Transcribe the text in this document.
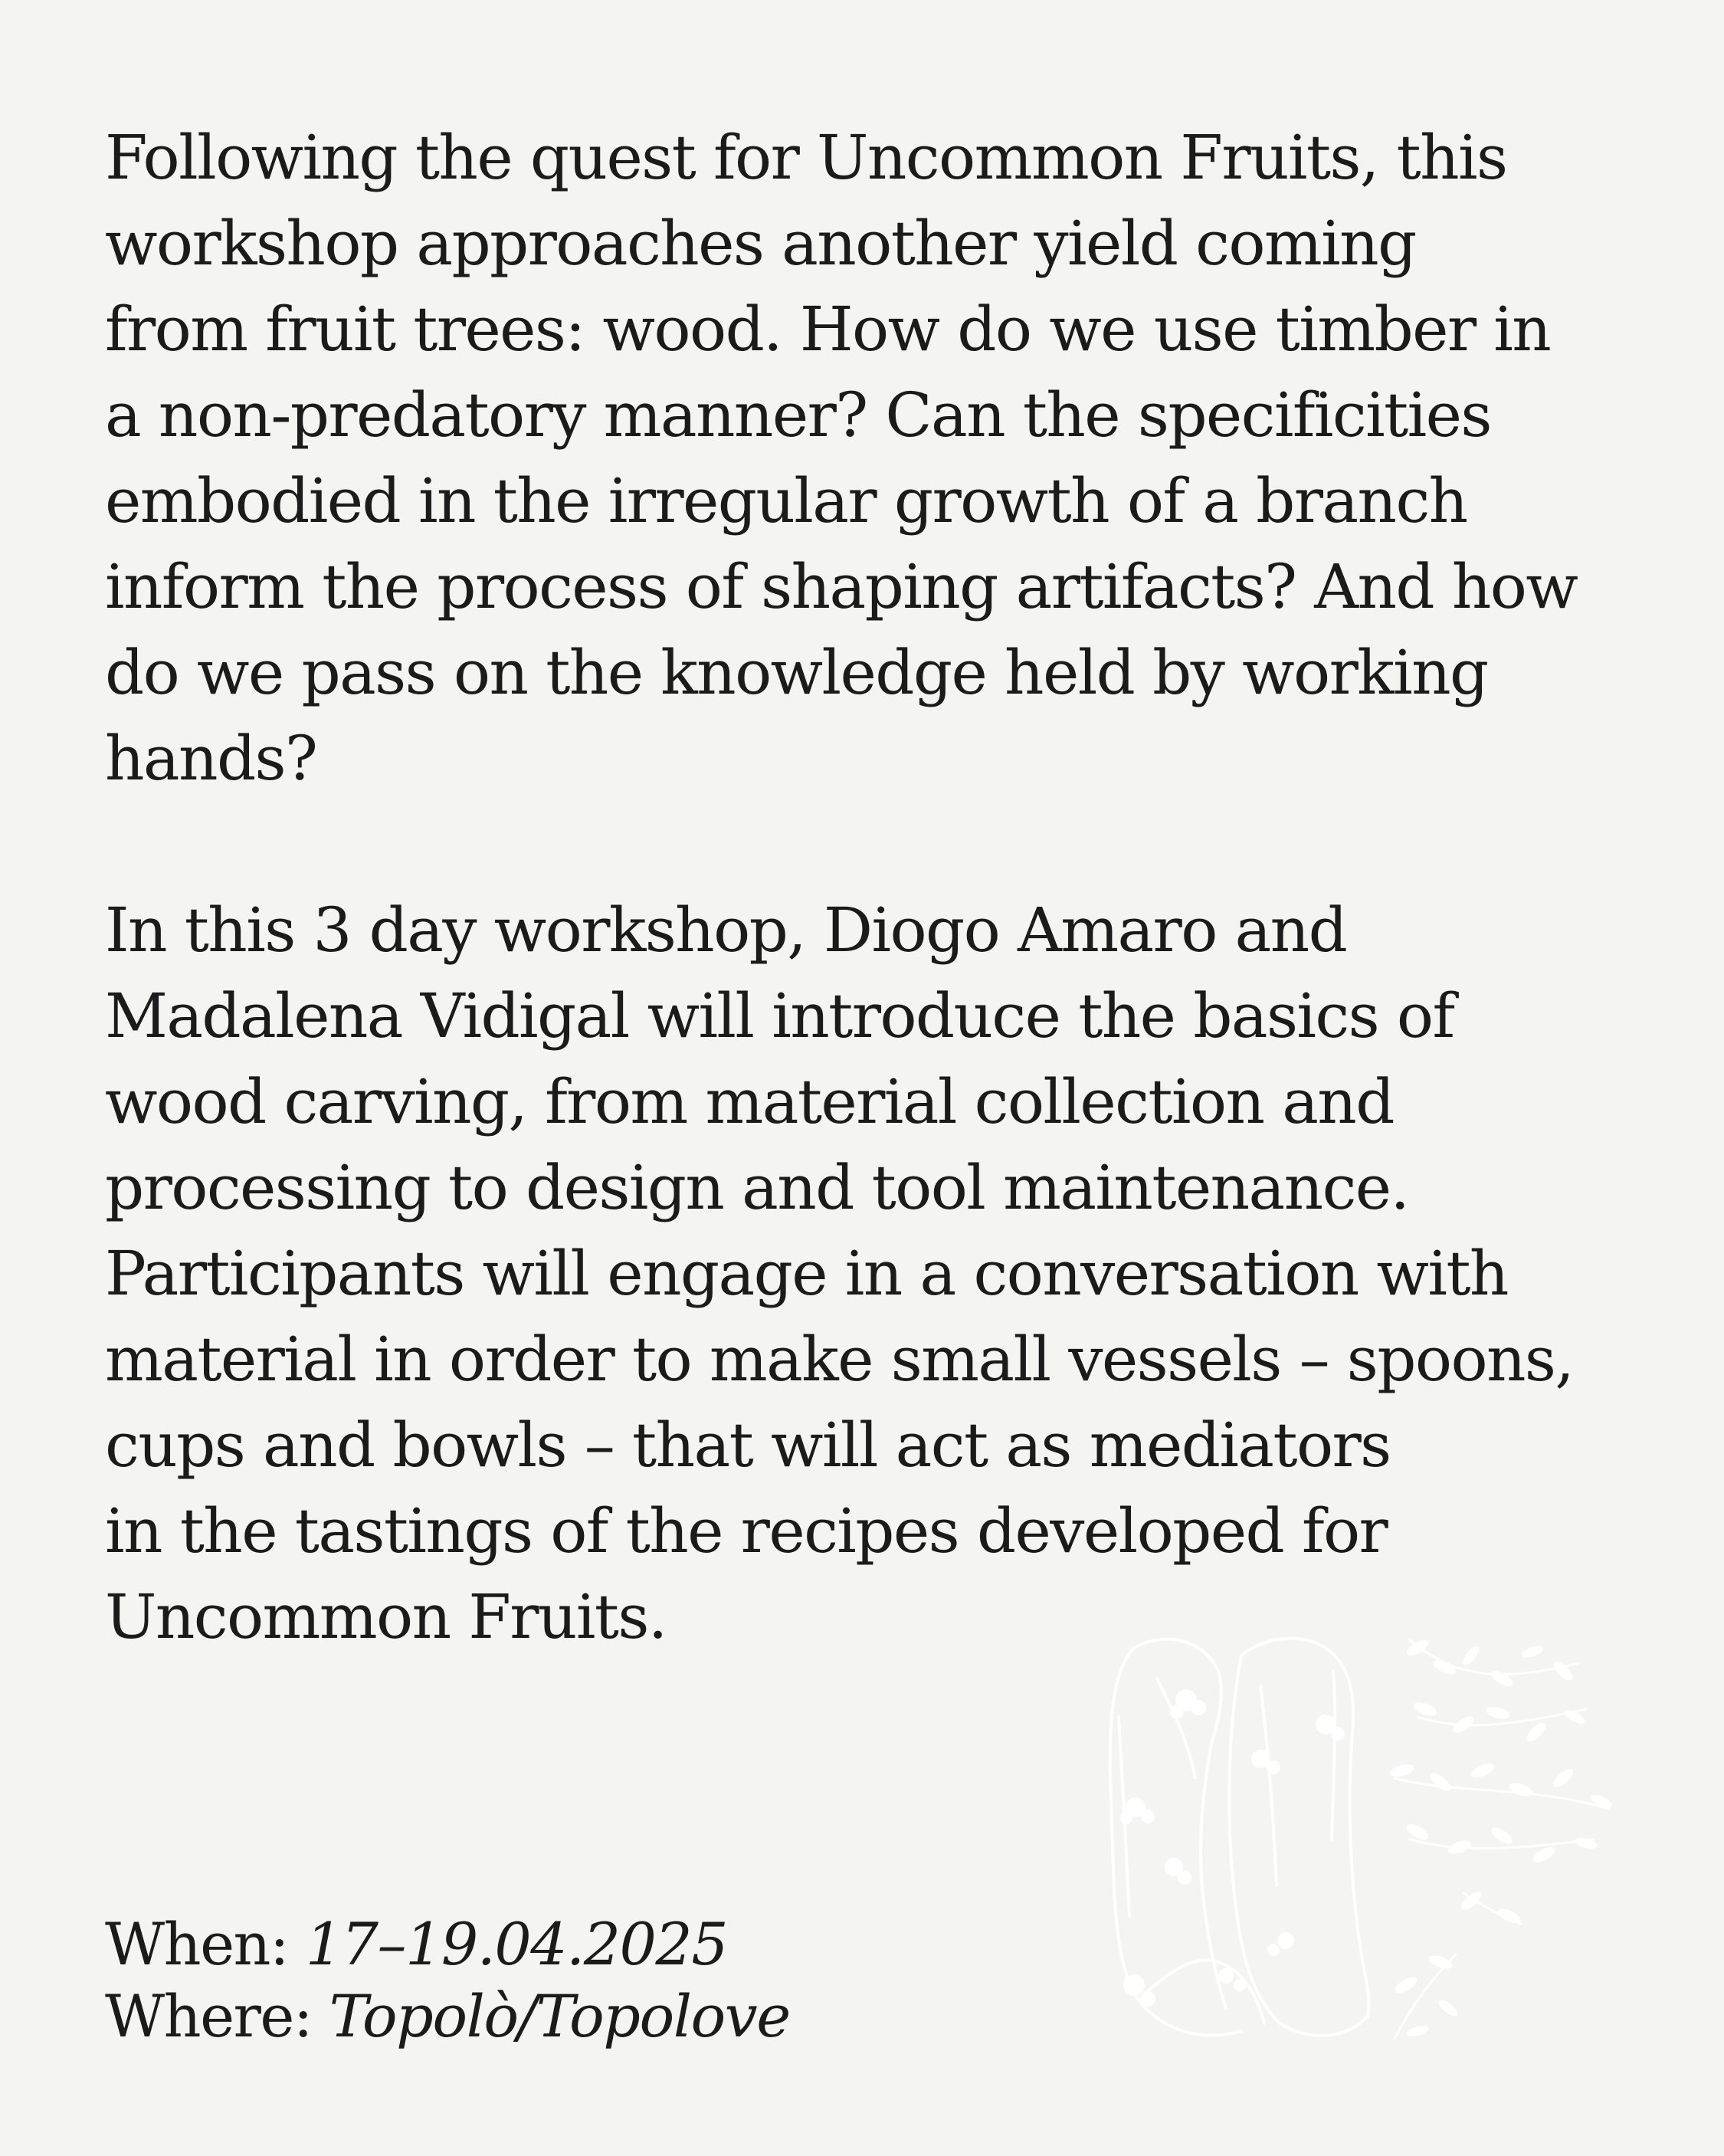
Following the quest for Uncommon Fruits, this
workshop approaches another yield coming
from fruit trees: wood. How do we use timber in
a non-predatory manner? Can the specificities
embodied in the irregular growth of a branch
inform the process of shaping artifacts? And how
do we pass on the knowledge held by working
hands?

In this 3 day workshop, Diogo Amaro and
Madalena Vidigal will introduce the basics of
wood carving, from material collection and
processing to design and tool maintenance.
Participants will engage in a conversation with
material in order to make small vessels – spoons,
cups and bowls – that will act as mediators
in the tastings of the recipes developed for
Uncommon Fruits.

When: 17–19.04.2025
Where: Topolò/Topolove
